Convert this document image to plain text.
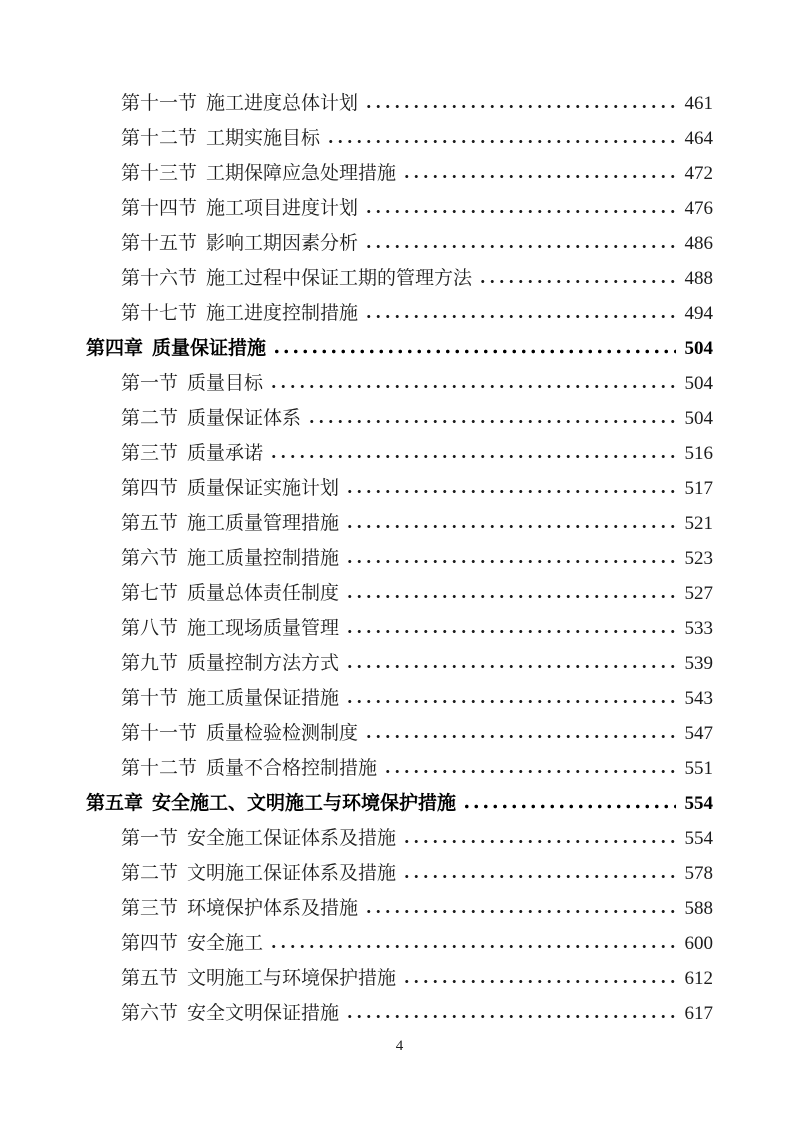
第十一节 施工进度总体计划	461
第十二节 工期实施目标	464
第十三节 工期保障应急处理措施	472
第十四节 施工项目进度计划	476
第十五节 影响工期因素分析	486
第十六节 施工过程中保证工期的管理方法	488
第十七节 施工进度控制措施	494
第四章 质量保证措施	504
第一节 质量目标	504
第二节 质量保证体系	504
第三节 质量承诺	516
第四节 质量保证实施计划	517
第五节 施工质量管理措施	521
第六节 施工质量控制措施	523
第七节 质量总体责任制度	527
第八节 施工现场质量管理	533
第九节 质量控制方法方式	539
第十节 施工质量保证措施	543
第十一节 质量检验检测制度	547
第十二节 质量不合格控制措施	551
第五章 安全施工、文明施工与环境保护措施	554
第一节 安全施工保证体系及措施	554
第二节 文明施工保证体系及措施	578
第三节 环境保护体系及措施	588
第四节 安全施工	600
第五节 文明施工与环境保护措施	612
第六节 安全文明保证措施	617
4
